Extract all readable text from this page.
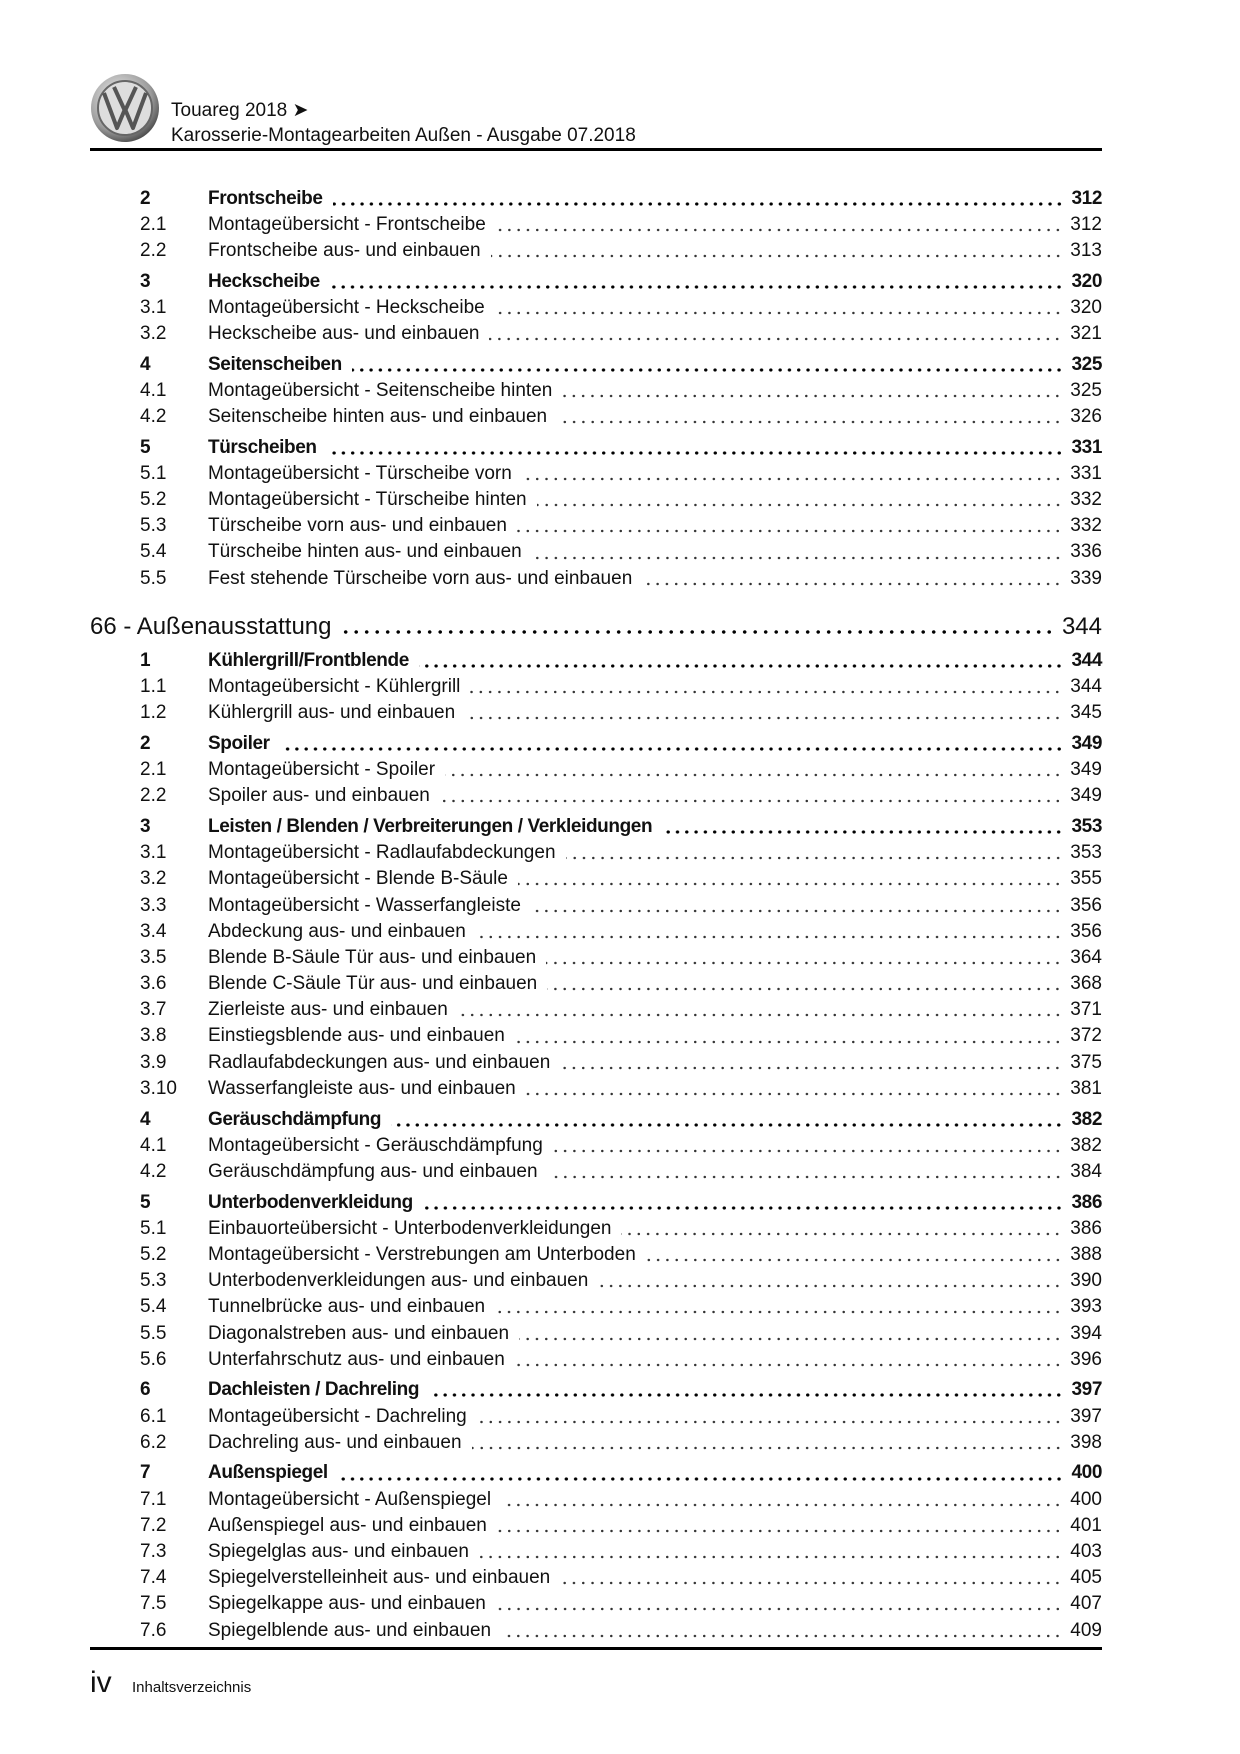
Touareg 2018 ➤
Karosserie-Montagearbeiten Außen - Ausgabe 07.2018
2	Frontscheibe	312
2.1	Montageübersicht - Frontscheibe	312
2.2	Frontscheibe aus- und einbauen	313
3	Heckscheibe	320
3.1	Montageübersicht - Heckscheibe	320
3.2	Heckscheibe aus- und einbauen	321
4	Seitenscheiben	325
4.1	Montageübersicht - Seitenscheibe hinten	325
4.2	Seitenscheibe hinten aus- und einbauen	326
5	Türscheiben	331
5.1	Montageübersicht - Türscheibe vorn	331
5.2	Montageübersicht - Türscheibe hinten	332
5.3	Türscheibe vorn aus- und einbauen	332
5.4	Türscheibe hinten aus- und einbauen	336
5.5	Fest stehende Türscheibe vorn aus- und einbauen	339
66 - Außenausstattung	344
1	Kühlergrill/Frontblende	344
1.1	Montageübersicht - Kühlergrill	344
1.2	Kühlergrill aus- und einbauen	345
2	Spoiler	349
2.1	Montageübersicht - Spoiler	349
2.2	Spoiler aus- und einbauen	349
3	Leisten / Blenden / Verbreiterungen / Verkleidungen	353
3.1	Montageübersicht - Radlaufabdeckungen	353
3.2	Montageübersicht - Blende B-Säule	355
3.3	Montageübersicht - Wasserfangleiste	356
3.4	Abdeckung aus- und einbauen	356
3.5	Blende B-Säule Tür aus- und einbauen	364
3.6	Blende C-Säule Tür aus- und einbauen	368
3.7	Zierleiste aus- und einbauen	371
3.8	Einstiegsblende aus- und einbauen	372
3.9	Radlaufabdeckungen aus- und einbauen	375
3.10	Wasserfangleiste aus- und einbauen	381
4	Geräuschdämpfung	382
4.1	Montageübersicht - Geräuschdämpfung	382
4.2	Geräuschdämpfung aus- und einbauen	384
5	Unterbodenverkleidung	386
5.1	Einbauorteübersicht - Unterbodenverkleidungen	386
5.2	Montageübersicht - Verstrebungen am Unterboden	388
5.3	Unterbodenverkleidungen aus- und einbauen	390
5.4	Tunnelbrücke aus- und einbauen	393
5.5	Diagonalstreben aus- und einbauen	394
5.6	Unterfahrschutz aus- und einbauen	396
6	Dachleisten / Dachreling	397
6.1	Montageübersicht - Dachreling	397
6.2	Dachreling aus- und einbauen	398
7	Außenspiegel	400
7.1	Montageübersicht - Außenspiegel	400
7.2	Außenspiegel aus- und einbauen	401
7.3	Spiegelglas aus- und einbauen	403
7.4	Spiegelverstelleinheit aus- und einbauen	405
7.5	Spiegelkappe aus- und einbauen	407
7.6	Spiegelblende aus- und einbauen	409
iv Inhaltsverzeichnis
